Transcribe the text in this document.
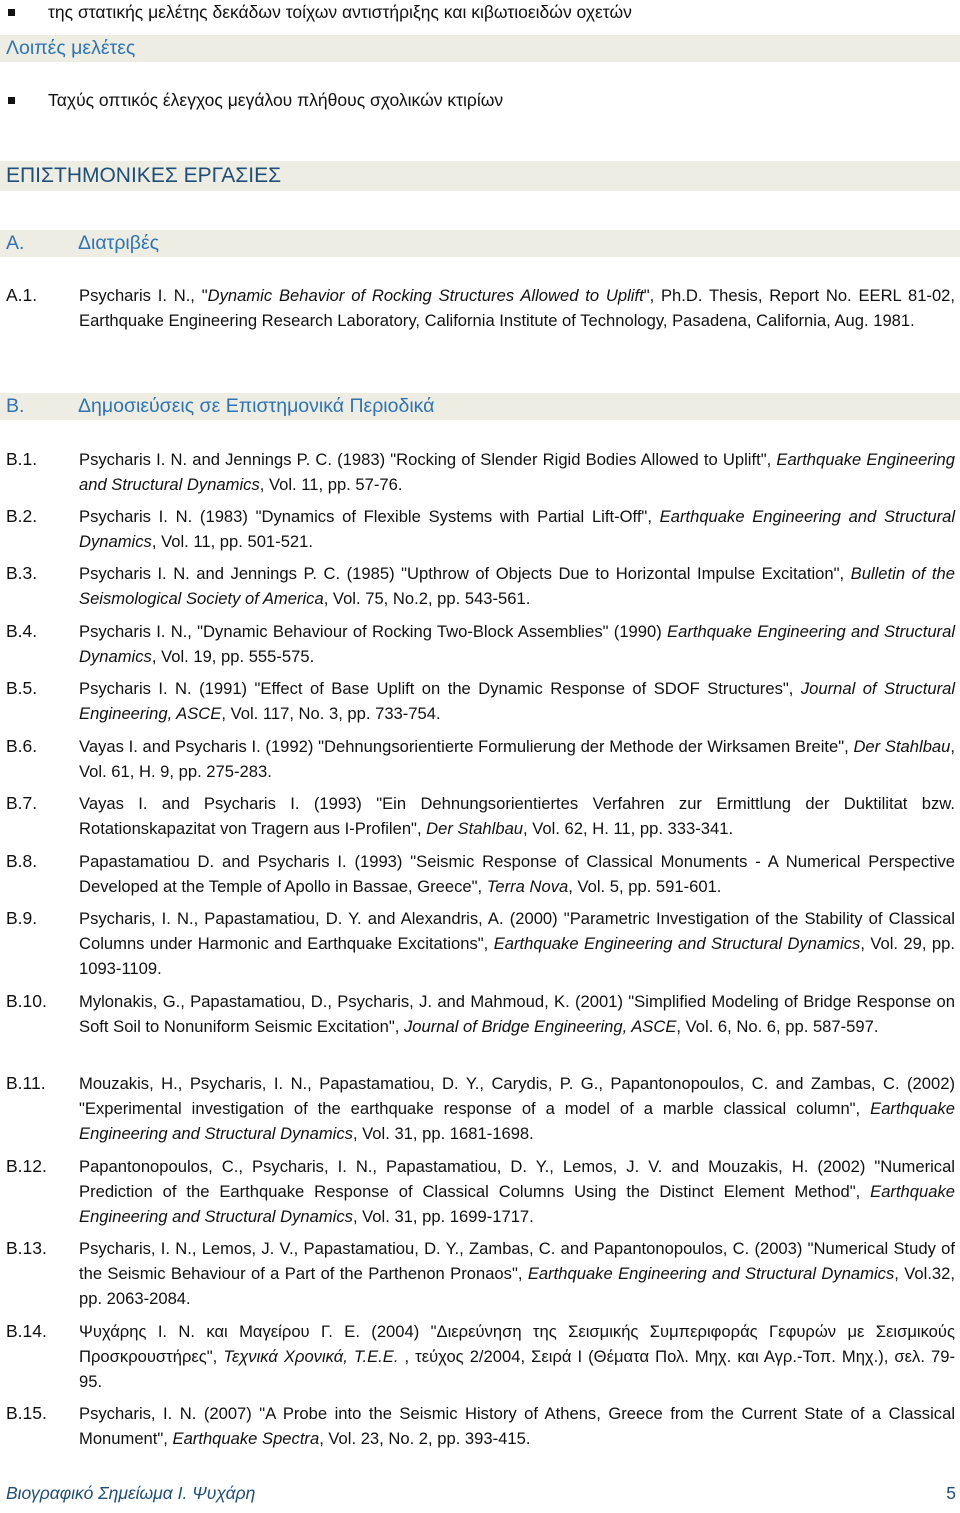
της στατικής μελέτης δεκάδων τοίχων αντιστήριξης και κιβωτιοειδών οχετών
Λοιπές μελέτες
Ταχύς οπτικός έλεγχος μεγάλου πλήθους σχολικών κτιρίων
ΕΠΙΣΤΗΜΟΝΙΚΕΣ ΕΡΓΑΣΙΕΣ
Α.	Διατριβές
A.1.	Psycharis I. N., "Dynamic Behavior of Rocking Structures Allowed to Uplift", Ph.D. Thesis, Report No. EERL 81-02, Earthquake Engineering Research Laboratory, California Institute of Technology, Pasadena, California, Aug. 1981.
Β.	Δημοσιεύσεις σε Επιστημονικά Περιοδικά
B.1.	Psycharis I. N. and Jennings P. C. (1983) "Rocking of Slender Rigid Bodies Allowed to Uplift", Earthquake Engineering and Structural Dynamics, Vol. 11, pp. 57-76.
B.2.	Psycharis I. N. (1983) "Dynamics of Flexible Systems with Partial Lift-Off", Earthquake Engineering and Structural Dynamics, Vol. 11, pp. 501-521.
B.3.	Psycharis I. N. and Jennings P. C. (1985) "Upthrow of Objects Due to Horizontal Impulse Excitation", Bulletin of the Seismological Society of America, Vol. 75, No.2, pp. 543-561.
B.4.	Psycharis I. N., "Dynamic Behaviour of Rocking Two-Block Assemblies" (1990) Earthquake Engineering and Structural Dynamics, Vol. 19, pp. 555-575.
B.5.	Psycharis I. N. (1991) "Effect of Base Uplift on the Dynamic Response of SDOF Structures", Journal of Structural Engineering, ASCE, Vol. 117, No. 3, pp. 733-754.
B.6.	Vayas I. and Psycharis I. (1992) "Dehnungsorientierte Formulierung der Methode der Wirksamen Breite", Der Stahlbau, Vol. 61, H. 9, pp. 275-283.
B.7.	Vayas I. and Psycharis I. (1993) "Ein Dehnungsorientiertes Verfahren zur Ermittlung der Duktilitat bzw. Rotationskapazitat von Tragern aus I-Profilen", Der Stahlbau, Vol. 62, H. 11, pp. 333-341.
B.8.	Papastamatiou D. and Psycharis I. (1993) "Seismic Response of Classical Monuments - A Numerical Perspective Developed at the Temple of Apollo in Bassae, Greece", Terra Nova, Vol. 5, pp. 591-601.
B.9.	Psycharis, I. N., Papastamatiou, D. Y. and Alexandris, A. (2000) "Parametric Investigation of the Stability of Classical Columns under Harmonic and Earthquake Excitations", Earthquake Engineering and Structural Dynamics, Vol. 29, pp. 1093-1109.
B.10. Mylonakis, G., Papastamatiou, D., Psycharis, J. and Mahmoud, K. (2001) "Simplified Modeling of Bridge Response on Soft Soil to Nonuniform Seismic Excitation", Journal of Bridge Engineering, ASCE, Vol. 6, No. 6, pp. 587-597.
B.11. Mouzakis, H., Psycharis, I. N., Papastamatiou, D. Y., Carydis, P. G., Papantonopoulos, C. and Zambas, C. (2002) "Experimental investigation of the earthquake response of a model of a marble classical column", Earthquake Engineering and Structural Dynamics, Vol. 31, pp. 1681-1698.
B.12. Papantonopoulos, C., Psycharis, I. N., Papastamatiou, D. Y., Lemos, J. V. and Mouzakis, H. (2002) "Numerical Prediction of the Earthquake Response of Classical Columns Using the Distinct Element Method", Earthquake Engineering and Structural Dynamics, Vol. 31, pp. 1699-1717.
B.13. Psycharis, I. N., Lemos, J. V., Papastamatiou, D. Y., Zambas, C. and Papantonopoulos, C. (2003) "Numerical Study of the Seismic Behaviour of a Part of the Parthenon Pronaos", Earthquake Engineering and Structural Dynamics, Vol.32, pp. 2063-2084.
B.14. Ψυχάρης Ι. Ν. και Μαγείρου Γ. Ε. (2004) "Διερεύνηση της Σεισμικής Συμπεριφοράς Γεφυρών με Σεισμικούς Προσκρουστήρες", Τεχνικά Χρονικά, Τ.Ε.Ε. , τεύχος 2/2004, Σειρά Ι (Θέματα Πολ. Μηχ. και Αγρ.-Τοπ. Μηχ.), σελ. 79-95.
B.15. Psycharis, I. N. (2007) "A Probe into the Seismic History of Athens, Greece from the Current State of a Classical Monument", Earthquake Spectra, Vol. 23, No. 2, pp. 393-415.
Βιογραφικό Σημείωμα Ι. Ψυχάρη	5
